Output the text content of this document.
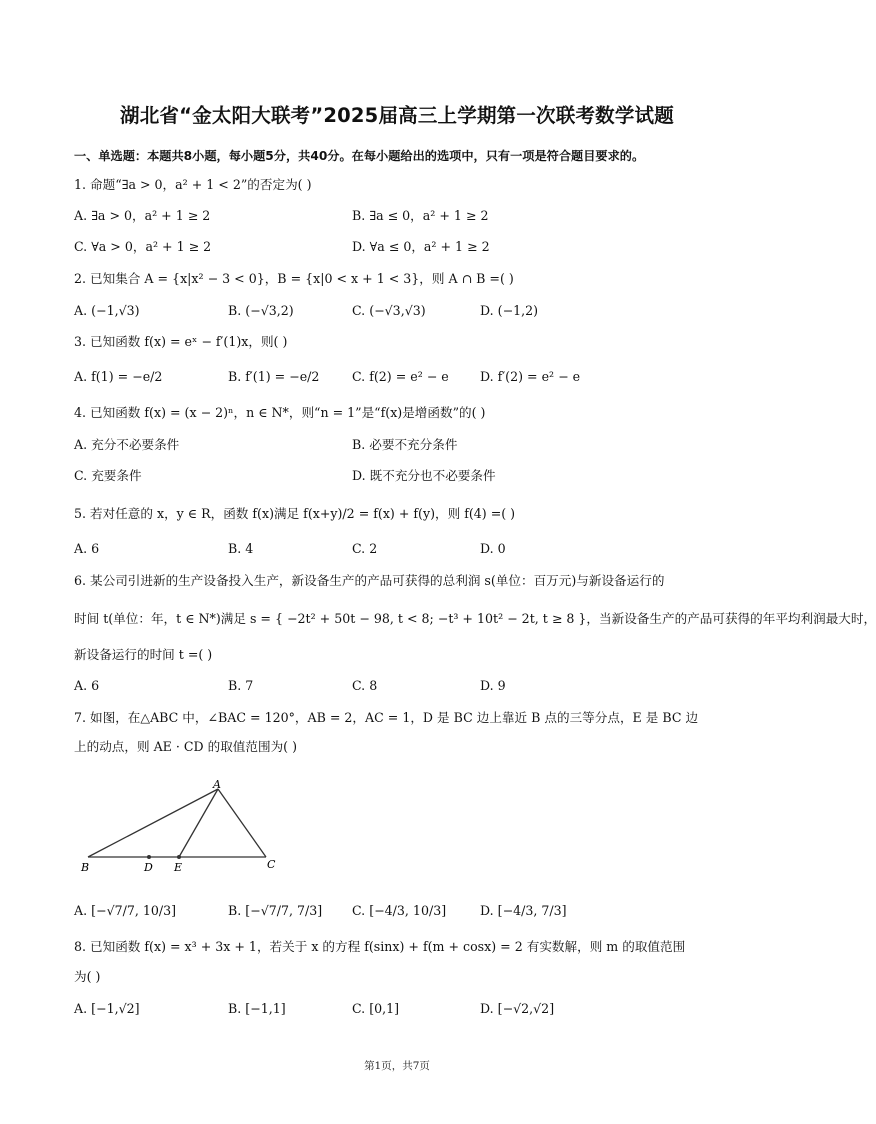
湖北省“金太阳大联考”2025届高三上学期第一次联考数学试题
一、单选题：本题共8小题，每小题5分，共40分。在每小题给出的选项中，只有一项是符合题目要求的。
1. 命题“∃a > 0，a² + 1 < 2”的否定为( )
A. ∃a > 0，a² + 1 ≥ 2	B. ∃a ≤ 0，a² + 1 ≥ 2
C. ∀a > 0，a² + 1 ≥ 2	D. ∀a ≤ 0，a² + 1 ≥ 2
2. 已知集合 A = {x|x² − 3 < 0}，B = {x|0 < x + 1 < 3}，则 A ∩ B =( )
A. (−1,√3)	B. (−√3,2)	C. (−√3,√3)	D. (−1,2)
3. 已知函数 f(x) = eˣ − f′(1)x，则( )
A. f(1) = −e/2	B. f′(1) = −e/2	C. f(2) = e² − e D. f′(2) = e² − e
4. 已知函数 f(x) = (x − 2)ⁿ，n ∈ N*，则“n = 1”是“f(x)是增函数”的( )
A. 充分不必要条件	B. 必要不充分条件
C. 充要条件	D. 既不充分也不必要条件
5. 若对任意的 x，y ∈ R，函数 f(x)满足 f(x+y)/2 = f(x) + f(y)，则 f(4) =( )
A. 6	B. 4	C. 2	D. 0
6. 某公司引进新的生产设备投入生产，新设备生产的产品可获得的总利润 s(单位：百万元)与新设备运行的
时间 t(单位：年，t ∈ N*)满足 s = { −2t² + 50t − 98, t < 8; −t³ + 10t² − 2t, t ≥ 8 }，当新设备生产的产品可获得的年平均利润最大时，
新设备运行的时间 t =( )
A. 6	B. 7	C. 8	D. 9
7. 如图，在△ABC 中，∠BAC = 120°，AB = 2，AC = 1，D 是 BC 边上靠近 B 点的三等分点，E 是 BC 边
上的动点，则 AE · CD 的取值范围为( )
A
B	D E	C
A. [−√7/7, 10/3]	B. [−√7/7, 7/3] C. [−4/3, 10/3]	D. [−4/3, 7/3]
8. 已知函数 f(x) = x³ + 3x + 1，若关于 x 的方程 f(sinx) + f(m + cosx) = 2 有实数解，则 m 的取值范围
为( )
A. [−1,√2]	B. [−1,1]	C. [0,1]	D. [−√2,√2]
第1页，共7页
